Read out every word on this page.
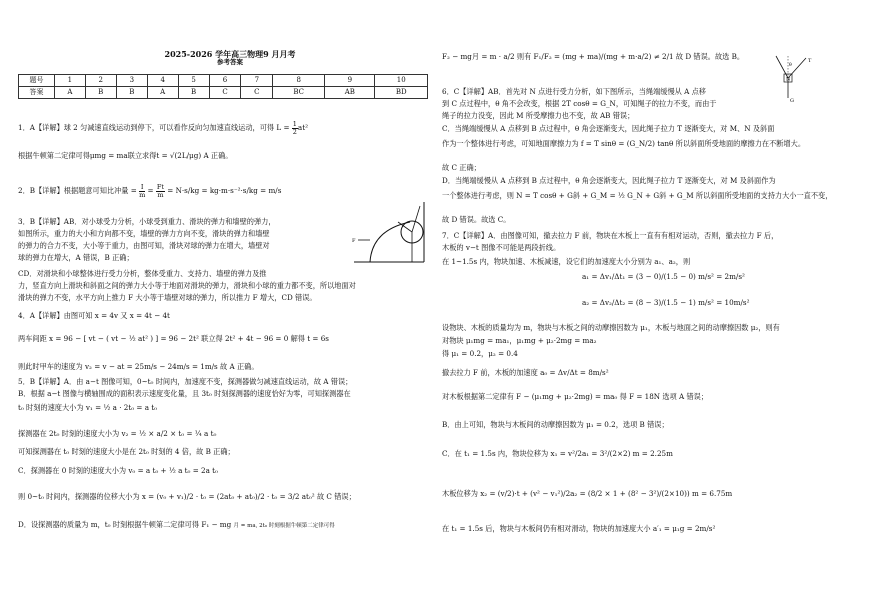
2025-2026 学年高三物理9 月月考
参考答案
题号	1	2	3	4	5	6	7	8	9	10
答案	A	B	B	A	B	C	C	BC	AB	BD
1．A【详解】球 2 匀减速直线运动到停下，可以看作反向匀加速直线运动，可得 $L = \frac{1}{2} at^2$
根据牛顿第二定律可得μmg = ma联立求得t = √(2L/μg) A 正确。
2．B【详解】根据题意可知比冲量 = $\frac{I}{m} = \frac{Ft}{m} = N\cdot s/kg = kg\cdot m\cdot s^{-2}\cdot s/kg = m/s$
3．B【详解】AB．对小球受力分析，小球受到重力、滑块的弹力和墙壁的弹力，
如图所示，重力的大小和方向都不变，墙壁的弹力方向不变，滑块的弹力和墙壁
的弹力的合力不变，大小等于重力，由图可知，滑块对球的弹力在增大，墙壁对
球的弹力在增大，A 错误，B 正确；
CD．对滑块和小球整体进行受力分析，整体受重力、支持力、墙壁的弹力及推
力，竖直方向上滑块和斜面之间的弹力大小等于地面对滑块的弹力，滑块和小球的重力都不变，所以地面对
滑块的弹力不变，水平方向上推力 F 大小等于墙壁对球的弹力，所以推力 F 增大，CD 错误。
4．A【详解】由图可知 x = 4v 又 x = 4t − 4t
两车间距 x = 96 − [ vt − ( vt − ½ at² ) ] = 96 − 2t² 联立得 2t² + 4t − 96 = 0 解得 t = 6s
则此时甲车的速度为 v₂ = v − at = 25m/s − 24m/s = 1m/s 故 A 正确。
5．B【详解】A．由 a−t 图像可知，0~t₀ 时间内，加速度不变，探测器做匀减速直线运动，故 A 错误；
B．根据 a−t 图像与横轴围成的面积表示速度变化量，且 3t₀ 时刻探测器的速度恰好为零，可知探测器在
t₀ 时刻的速度大小为 v₁ = ½ a · 2t₀ = a t₀
探测器在 2t₀ 时刻的速度大小为 v₂ = ½ × a/2 × t₀ = ¼ a t₀
可知探测器在 t₀ 时刻的速度大小是在 2t₀ 时刻的 4 倍，故 B 正确；
C．探测器在 0 时刻的速度大小为 v₀ = a t₀ + ½ a t₀ = 2a t₀
则 0~t₀ 时间内，探测器的位移大小为 x = (v₀ + v₁)/2 · t₀ = (2at₀ + at₀)/2 · t₀ = 3/2 at₀² 故 C 错误；
D．设探测器的质量为 m，t₀ 时刻根据牛顿第二定律可得 F₁ − mg 月 = ma, 2t₀ 时刻根据牛顿第二定律可得
F
F₂ − mg月 = m · a/2 则有 F₁/F₂ = (mg + ma)/(mg + m·a/2) ≠ 2/1 故 D 错误。故选 B。
6．C【详解】AB．首先对 N 点进行受力分析，如下图所示，当绳端缓慢从 A 点移
到 C 点过程中，θ 角不会改变，根据 2T cosθ = G_N，可知绳子的拉力不变，而由于
绳子的拉力没变，因此 M 所受摩擦力也不变，故 AB 错误；
C．当绳端缓慢从 A 点移到 B 点过程中，θ 角会逐渐变大，因此绳子拉力 T 逐渐变大，对 M、N 及斜面
作为一个整体进行考虑，可知地面摩擦力为 f = T sinθ = (G_N/2) tanθ 所以斜面所受地面的摩擦力在不断增大。
故 C 正确；
D．当绳端缓慢从 A 点移到 B 点过程中，θ 角会逐渐变大，因此绳子拉力 T 逐渐变大，对 M 及斜面作为
一个整体进行考虑，则 N = T cosθ + G斜 + G_M = ½ G_N + G斜 + G_M 所以斜面所受地面的支持力大小一直不变，
故 D 错误。故选 C。
7．C【详解】A．由图像可知，撤去拉力 F 前，物块在木板上一直有有相对运动，否则，撤去拉力 F 后，
木板的 v−t 图像不可能是两段折线。
在 1~1.5s 内，物块加速、木板减速，设它们的加速度大小分别为 a₁、a₂，则
a₁ = Δv₁/Δt₁ = (3 − 0)/(1.5 − 0) m/s² = 2m/s²
a₂ = Δv₂/Δt₂ = (8 − 3)/(1.5 − 1) m/s² = 10m/s²
设物块、木板的质量均为 m，物块与木板之间的动摩擦因数为 μ₁，木板与地面之间的动摩擦因数 μ₂，则有
对物块 μ₁mg = ma₁，μ₁mg + μ₂·2mg = ma₂
得 μ₁ = 0.2，μ₂ = 0.4
撤去拉力 F 前，木板的加速度 a₀ = Δv/Δt = 8m/s²
对木板根据第二定律有 F − (μ₁mg + μ₂·2mg) = ma₀ 得 F = 18N 选项 A 错误；
B．由上可知，物块与木板间的动摩擦因数为 μ₁ = 0.2，选项 B 错误；
C．在 t₁ = 1.5s 内，物块位移为 x₁ = v²/2a₁ = 3²/(2×2) m = 2.25m
木板位移为 x₂ = (v/2)·t + (v² − v₁²)/2a₂ = (8/2 × 1 + (8² − 3²)/(2×10)) m = 6.75m
在 t₁ = 1.5s 后，物块与木板间仍有相对滑动，物块的加速度大小 a′₁ = μ₁g = 2m/s²
N
T
θ
G
